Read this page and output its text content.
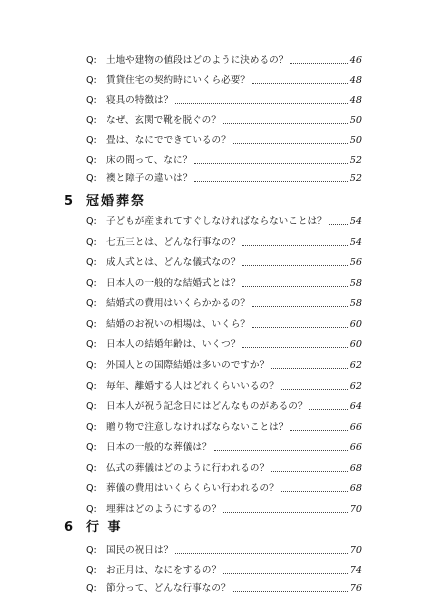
Q: 土地や建物の値段はどのように決めるの？	46
Q: 賃貸住宅の契約時にいくら必要？	48
Q: 寝具の特徴は？	48
Q: なぜ、玄関で靴を脱ぐの？	50
Q: 畳は、なにでできているの？	50
Q: 床の間って、なに？	52
Q: 襖と障子の違いは？	52
5 冠婚葬祭
Q: 子どもが産まれてすぐしなければならないことは？ 54
Q: 七五三とは、どんな行事なの？	54
Q: 成人式とは、どんな儀式なの？	56
Q: 日本人の一般的な結婚式とは？	58
Q: 結婚式の費用はいくらかかるの？	58
Q: 結婚のお祝いの相場は、いくら？	60
Q: 日本人の結婚年齢は、いくつ？	60
Q: 外国人との国際結婚は多いのですか？	62
Q: 毎年、離婚する人はどれくらいいるの？	62
Q: 日本人が祝う記念日にはどんなものがあるの？	64
Q: 贈り物で注意しなければならないことは？	66
Q: 日本の一般的な葬儀は？	66
Q: 仏式の葬儀はどのように行われるの？	68
Q: 葬儀の費用はいくらくらい行われるの？	68
Q: 埋葬はどのようにするの？	70
6 行 事
Q: 国民の祝日は？	70
Q: お正月は、なにをするの？	74
Q: 節分って、どんな行事なの？	76
